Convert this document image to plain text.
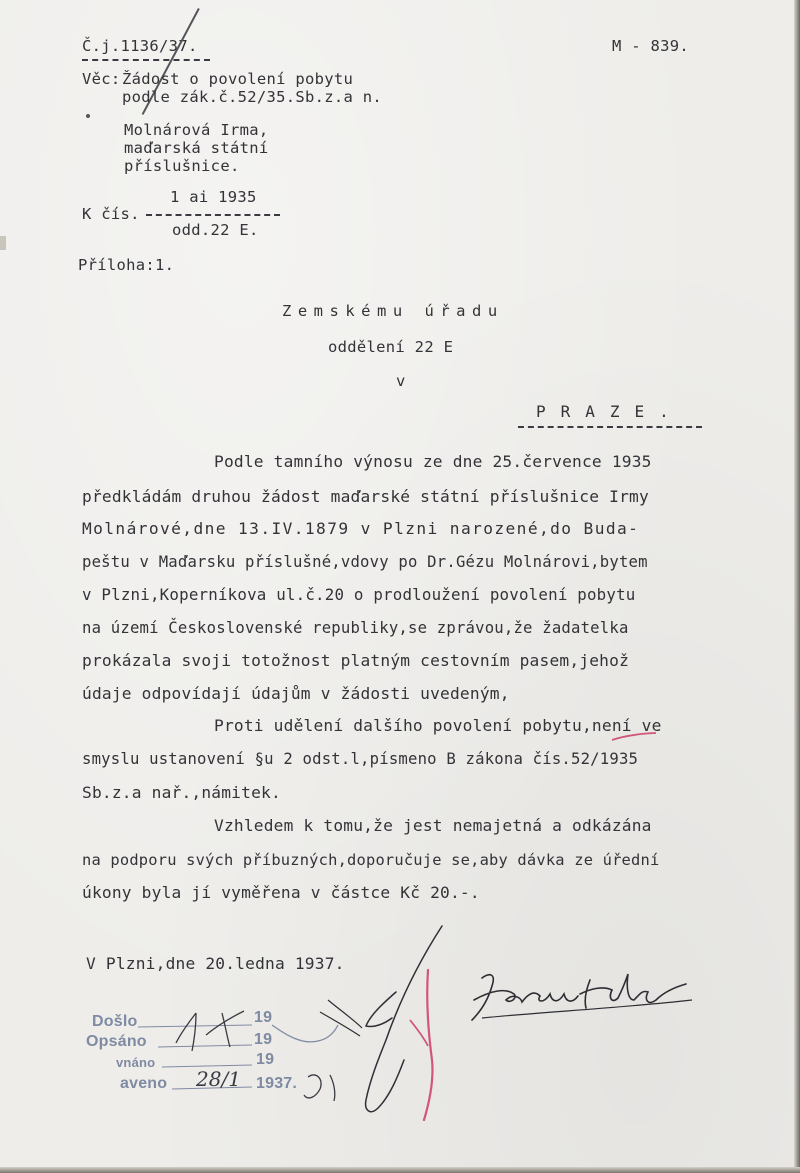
Č.j.1136/37.	M - 839.
Věc: Žádost o povolení pobytu
podle zák.č.52/35.Sb.z.a n.
Molnárová Irma,
maďarská státní
příslušnice.
1 ai 1935
K čís.
odd.22 E.
Příloha:1.
Zemskému úřadu
oddělení 22 E
v
PRAZE.
Podle tamního výnosu ze dne 25.července 1935
předkládám druhou žádost maďarské státní příslušnice Irmy
Molnárové,dne 13.IV.1879 v Plzni narozené,do Buda-
peštu v Maďarsku příslušné,vdovy po Dr.Gézu Molnárovi,bytem
v Plzni,Koperníkova ul.č.20 o prodloužení povolení pobytu
na území Československé republiky,se zprávou,že žadatelka
prokázala svoji totožnost platným cestovním pasem,jehož
údaje odpovídají údajům v žádosti uvedeným,
Proti udělení dalšího povolení pobytu,není ve
smyslu ustanovení §u 2 odst.l,písmeno B zákona čís.52/1935
Sb.z.a nař.,námitek.
Vzhledem k tomu,že jest nemajetná a odkázána
na podporu svých příbuzných,doporučuje se,aby dávka ze úřední
úkony byla jí vyměřena v částce Kč 20.-.
V Plzni,dne 20.ledna 1937.
Došlo	19
Opsáno	19
vnáno	19
aveno	1937.
28/1
